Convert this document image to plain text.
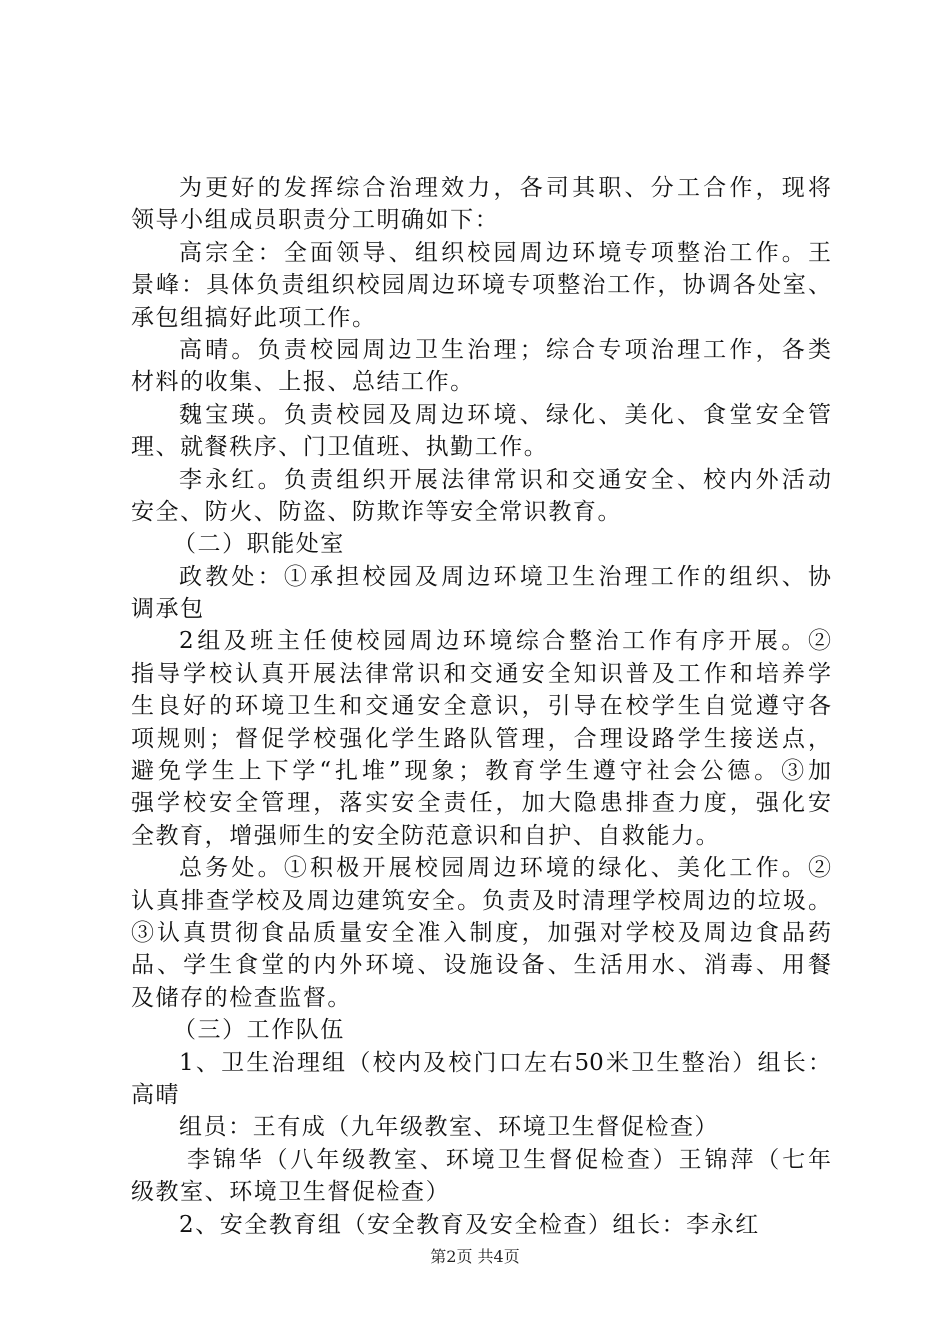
为更好的发挥综合治理效力，各司其职、分工合作，现将
领导小组成员职责分工明确如下：
高宗全：全面领导、组织校园周边环境专项整治工作。王
景峰：具体负责组织校园周边环境专项整治工作，协调各处室、
承包组搞好此项工作。
高晴。负责校园周边卫生治理；综合专项治理工作，各类
材料的收集、上报、总结工作。
魏宝瑛。负责校园及周边环境、绿化、美化、食堂安全管
理、就餐秩序、门卫值班、执勤工作。
李永红。负责组织开展法律常识和交通安全、校内外活动
安全、防火、防盗、防欺诈等安全常识教育。
（二）职能处室
政教处：①承担校园及周边环境卫生治理工作的组织、协
调承包
2组及班主任使校园周边环境综合整治工作有序开展。②
指导学校认真开展法律常识和交通安全知识普及工作和培养学
生良好的环境卫生和交通安全意识，引导在校学生自觉遵守各
项规则；督促学校强化学生路队管理，合理设路学生接送点，
避免学生上下学“扎堆”现象；教育学生遵守社会公德。③加
强学校安全管理，落实安全责任，加大隐患排查力度，强化安
全教育，增强师生的安全防范意识和自护、自救能力。
总务处。①积极开展校园周边环境的绿化、美化工作。②
认真排查学校及周边建筑安全。负责及时清理学校周边的垃圾。
③认真贯彻食品质量安全准入制度，加强对学校及周边食品药
品、学生食堂的内外环境、设施设备、生活用水、消毒、用餐
及储存的检查监督。
（三）工作队伍
1、卫生治理组（校内及校门口左右50米卫生整治）组长：
高晴
组员：王有成（九年级教室、环境卫生督促检查）
李锦华（八年级教室、环境卫生督促检查）王锦萍（七年
级教室、环境卫生督促检查）
2、安全教育组（安全教育及安全检查）组长：李永红
第2页 共4页
